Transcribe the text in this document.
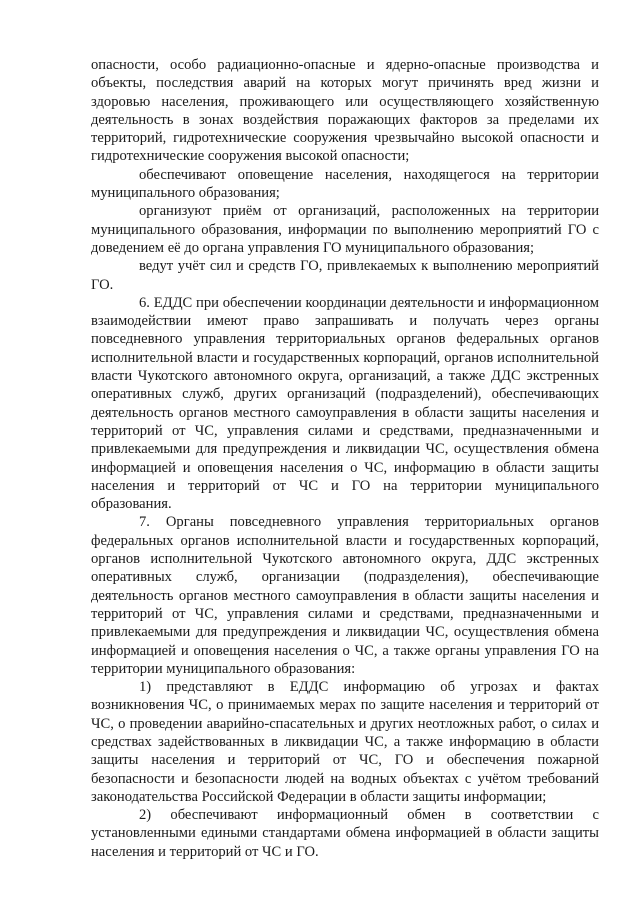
опасности, особо радиационно-опасные и ядерно-опасные производства и объекты, последствия аварий на которых могут причинять вред жизни и здоровью населения, проживающего или осуществляющего хозяйственную деятельность в зонах воздействия поражающих факторов за пределами их территорий, гидротехнические сооружения чрезвычайно высокой опасности и гидротехнические сооружения высокой опасности;

обеспечивают оповещение населения, находящегося на территории муниципального образования;

организуют приём от организаций, расположенных на территории муниципального образования, информации по выполнению мероприятий ГО с доведением её до органа управления ГО муниципального образования;

ведут учёт сил и средств ГО, привлекаемых к выполнению мероприятий ГО.

6. ЕДДС при обеспечении координации деятельности и информационном взаимодействии имеют право запрашивать и получать через органы повседневного управления территориальных органов федеральных органов исполнительной власти и государственных корпораций, органов исполнительной власти Чукотского автономного округа, организаций, а также ДДС экстренных оперативных служб, других организаций (подразделений), обеспечивающих деятельность органов местного самоуправления в области защиты населения и территорий от ЧС, управления силами и средствами, предназначенными и привлекаемыми для предупреждения и ликвидации ЧС, осуществления обмена информацией и оповещения населения о ЧС, информацию в области защиты населения и территорий от ЧС и ГО на территории муниципального образования.

7. Органы повседневного управления территориальных органов федеральных органов исполнительной власти и государственных корпораций, органов исполнительной Чукотского автономного округа, ДДС экстренных оперативных служб, организации (подразделения), обеспечивающие деятельность органов местного самоуправления в области защиты населения и территорий от ЧС, управления силами и средствами, предназначенными и привлекаемыми для предупреждения и ликвидации ЧС, осуществления обмена информацией и оповещения населения о ЧС, а также органы управления ГО на территории муниципального образования:

1) представляют в ЕДДС информацию об угрозах и фактах возникновения ЧС, о принимаемых мерах по защите населения и территорий от ЧС, о проведении аварийно-спасательных и других неотложных работ, о силах и средствах задействованных в ликвидации ЧС, а также информацию в области защиты населения и территорий от ЧС, ГО и обеспечения пожарной безопасности и безопасности людей на водных объектах с учётом требований законодательства Российской Федерации в области защиты информации;

2) обеспечивают информационный обмен в соответствии с установленными едиными стандартами обмена информацией в области защиты населения и территорий от ЧС и ГО.
